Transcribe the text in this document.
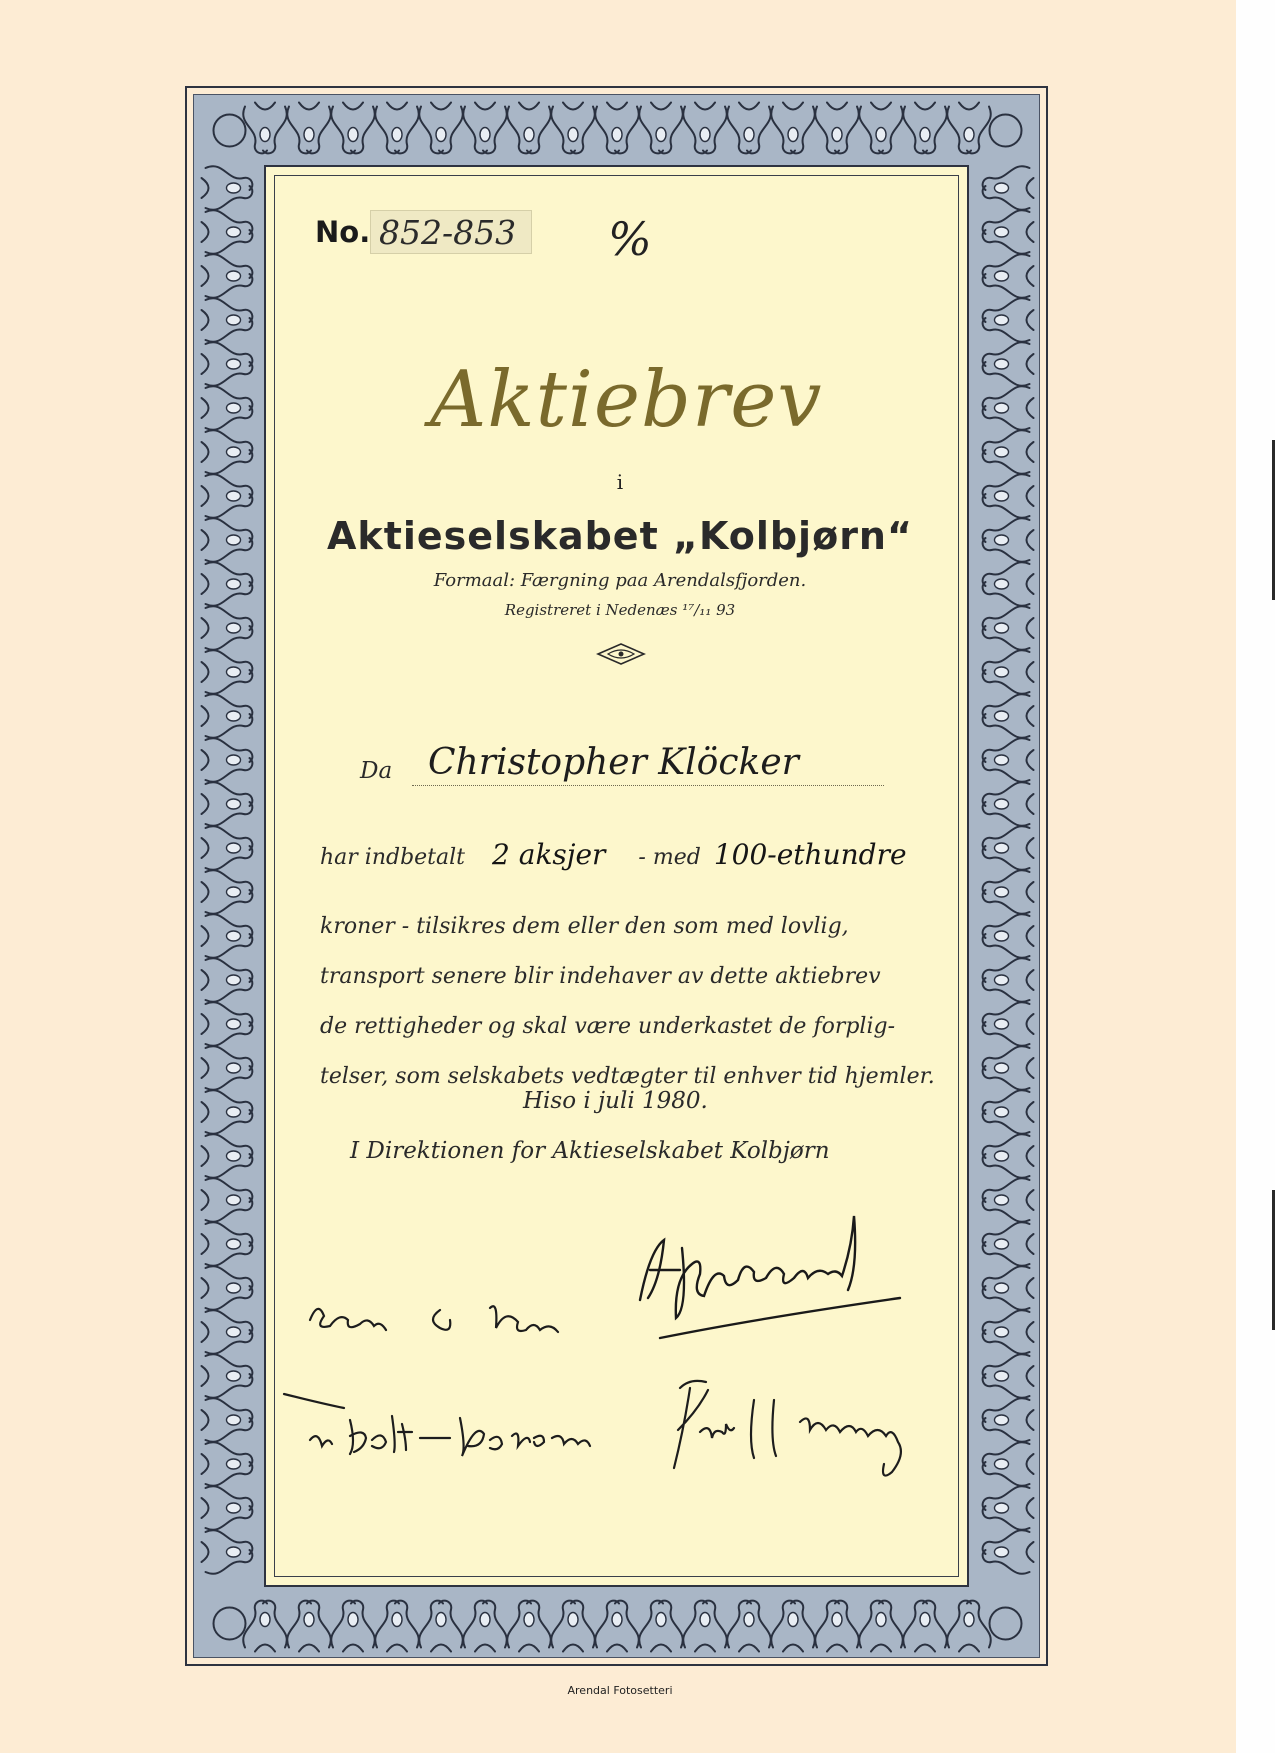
No. 852-853	%
Aktiebrev
i
Aktieselskabet „Kolbjørn“
Formaal: Færgning paa Arendalsfjorden.
Registreret i Nedenæs ¹⁷/₁₁ 93
Da Christopher Klöcker
har indbetalt 2 aksjer - med 100-ethundre
kroner - tilsikres dem eller den som med lovlig,
transport senere blir indehaver av dette aktiebrev
de rettigheder og skal være underkastet de forplig-
telser, som selskabets vedtægter til enhver tid hjemler.
Hiso i juli 1980.
I Direktionen for Aktieselskabet Kolbjørn
Arendal Fotosetteri
